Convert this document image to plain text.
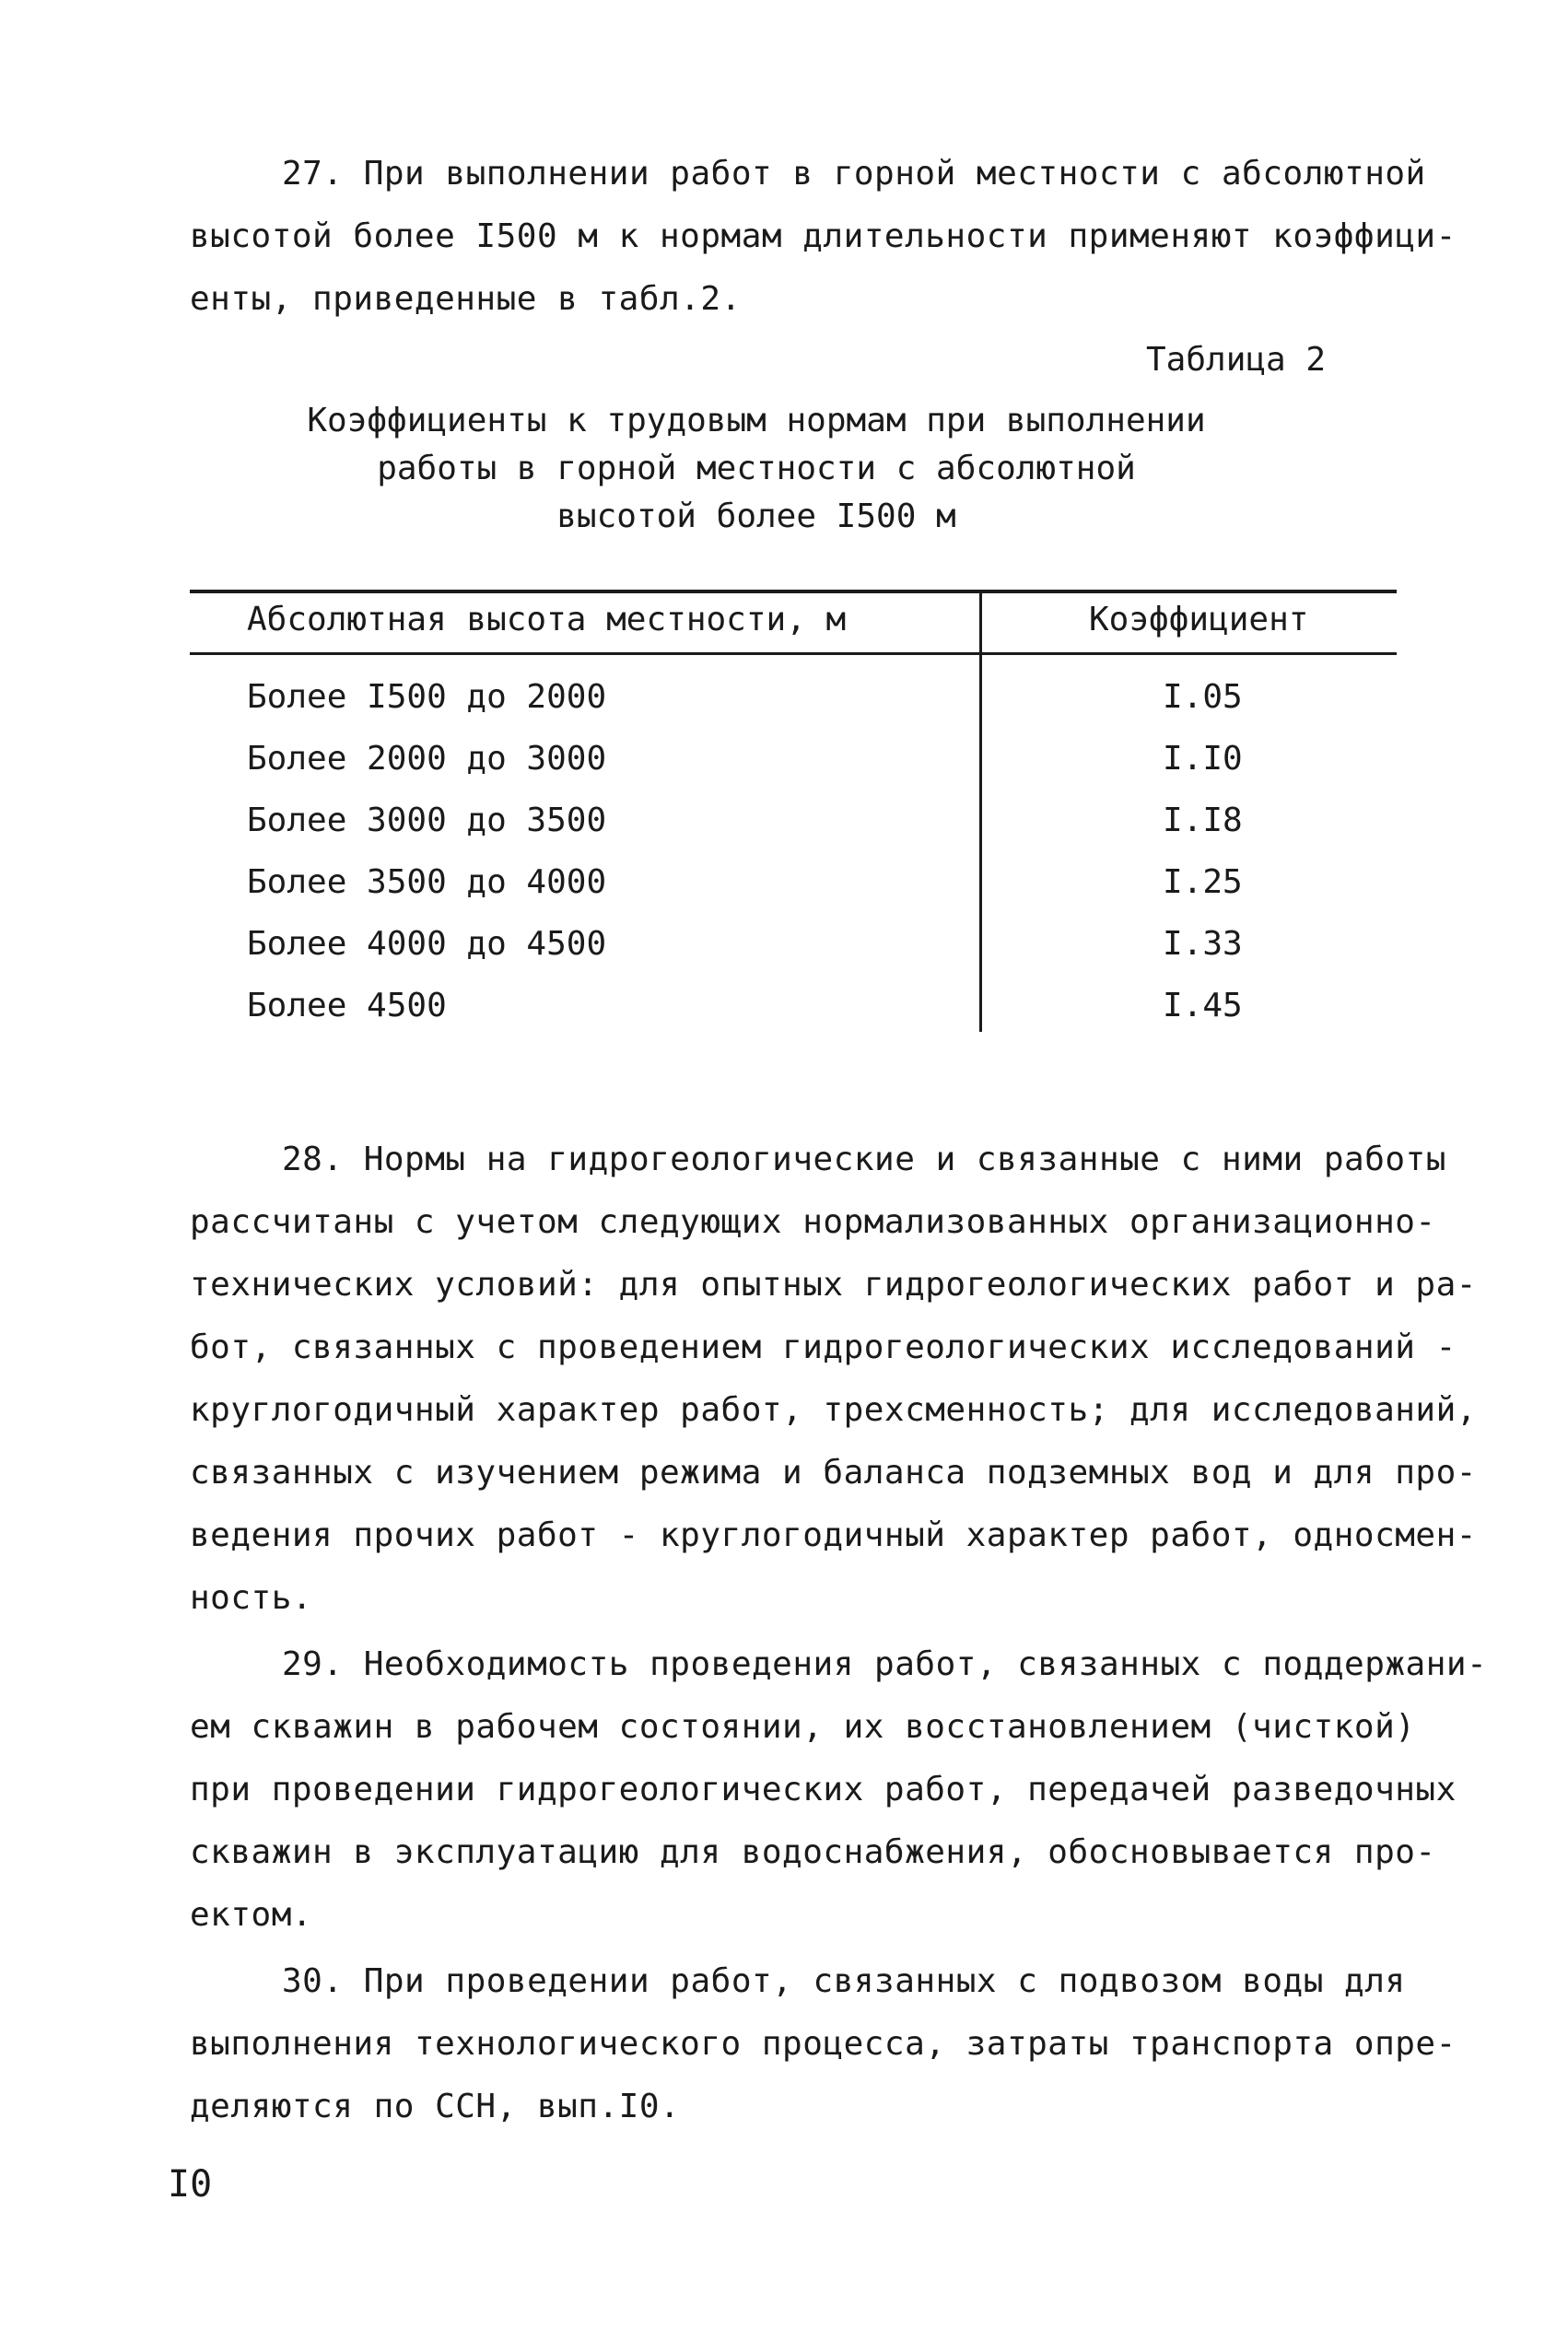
27. При выполнении работ в горной местности с абсолютной
высотой более I500 м к нормам длительности применяют коэффици-
енты, приведенные в табл.2.
Таблица 2
Коэффициенты к трудовым нормам при выполнении
работы в горной местности с абсолютной
высотой более I500 м
Абсолютная высота местности, м	Коэффициент
Более I500 до 2000	I.05
Более 2000 до 3000	I.I0
Более 3000 до 3500	I.I8
Более 3500 до 4000	I.25
Более 4000 до 4500	I.33
Более 4500	I.45
28. Нормы на гидрогеологические и связанные с ними работы
рассчитаны с учетом следующих нормализованных организационно-
технических условий: для опытных гидрогеологических работ и ра-
бот, связанных с проведением гидрогеологических исследований -
круглогодичный характер работ, трехсменность; для исследований,
связанных с изучением режима и баланса подземных вод и для про-
ведения прочих работ - круглогодичный характер работ, односмен-
ность.
29. Необходимость проведения работ, связанных с поддержани-
ем скважин в рабочем состоянии, их восстановлением (чисткой)
при проведении гидрогеологических работ, передачей разведочных
скважин в эксплуатацию для водоснабжения, обосновывается про-
ектом.
30. При проведении работ, связанных с подвозом воды для
выполнения технологического процесса, затраты транспорта опре-
деляются по ССН, вып.I0.
I0
